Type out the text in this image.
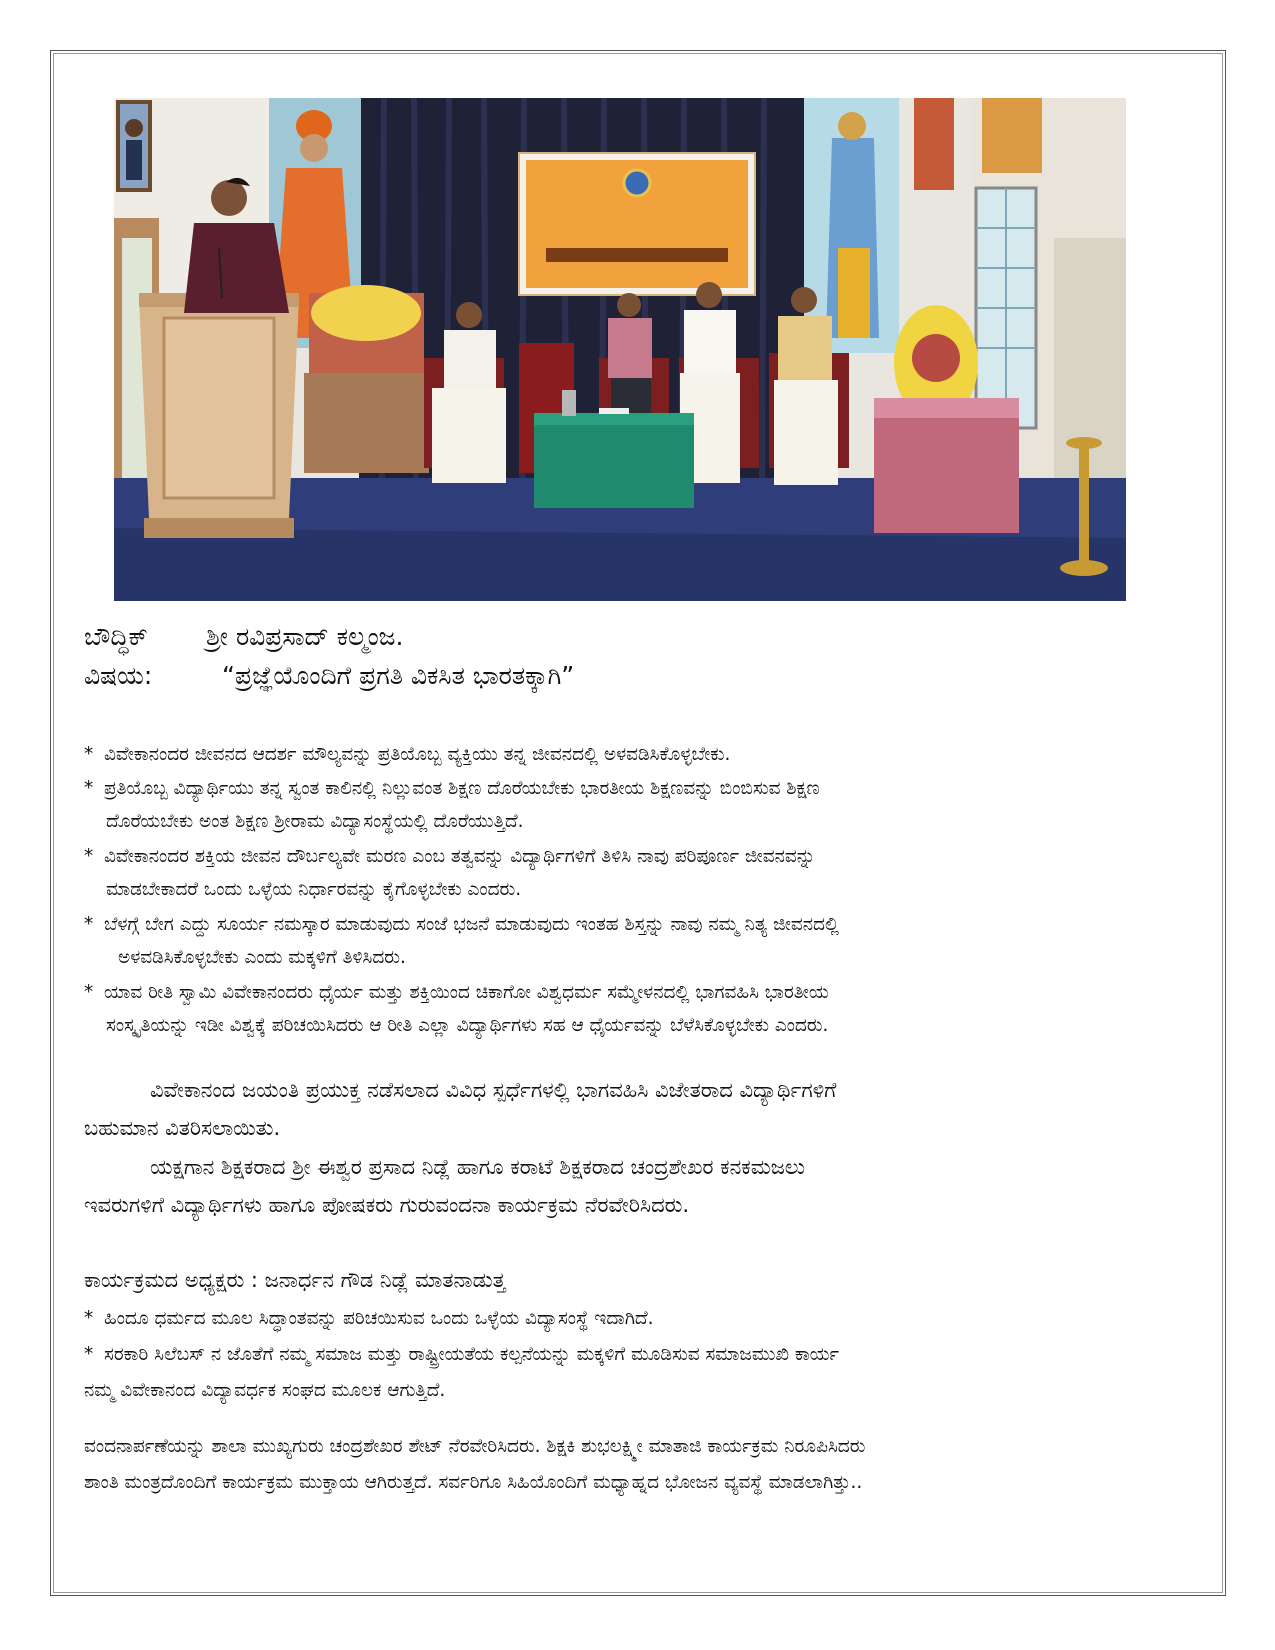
ಬೌದ್ಧಿಕ್ ಶ್ರೀ ರವಿಪ್ರಸಾದ್ ಕಲ್ಮಂಜ.
ವಿಷಯ:	“ಪ್ರಜ್ಞೆಯೊಂದಿಗೆ ಪ್ರಗತಿ ವಿಕಸಿತ ಭಾರತಕ್ಕಾಗಿ”
* ವಿವೇಕಾನಂದರ ಜೀವನದ ಆದರ್ಶ ಮೌಲ್ಯವನ್ನು ಪ್ರತಿಯೊಬ್ಬ ವ್ಯಕ್ತಿಯು ತನ್ನ ಜೀವನದಲ್ಲಿ ಅಳವಡಿಸಿಕೊಳ್ಳಬೇಕು.
* ಪ್ರತಿಯೊಬ್ಬ ವಿದ್ಯಾರ್ಥಿಯು ತನ್ನ ಸ್ವಂತ ಕಾಲಿನಲ್ಲಿ ನಿಲ್ಲುವಂತ ಶಿಕ್ಷಣ ದೊರೆಯಬೇಕು ಭಾರತೀಯ ಶಿಕ್ಷಣವನ್ನು ಬಿಂಬಿಸುವ ಶಿಕ್ಷಣ
ದೊರೆಯಬೇಕು ಅಂತ ಶಿಕ್ಷಣ ಶ್ರೀರಾಮ ವಿದ್ಯಾಸಂಸ್ಥೆಯಲ್ಲಿ ದೊರೆಯುತ್ತಿದೆ.
* ವಿವೇಕಾನಂದರ ಶಕ್ತಿಯ ಜೀವನ ದೌರ್ಬಲ್ಯವೇ ಮರಣ ಎಂಬ ತತ್ವವನ್ನು ವಿದ್ಯಾರ್ಥಿಗಳಿಗೆ ತಿಳಿಸಿ ನಾವು ಪರಿಪೂರ್ಣ ಜೀವನವನ್ನು
ಮಾಡಬೇಕಾದರೆ ಒಂದು ಒಳ್ಳೆಯ ನಿರ್ಧಾರವನ್ನು ಕೈಗೊಳ್ಳಬೇಕು ಎಂದರು.
* ಬೆಳಗ್ಗೆ ಬೇಗ ಎದ್ದು ಸೂರ್ಯ ನಮಸ್ಕಾರ ಮಾಡುವುದು ಸಂಜೆ ಭಜನೆ ಮಾಡುವುದು ಇಂತಹ ಶಿಸ್ತನ್ನು ನಾವು ನಮ್ಮ ನಿತ್ಯ ಜೀವನದಲ್ಲಿ
ಅಳವಡಿಸಿಕೊಳ್ಳಬೇಕು ಎಂದು ಮಕ್ಕಳಿಗೆ ತಿಳಿಸಿದರು.
* ಯಾವ ರೀತಿ ಸ್ವಾಮಿ ವಿವೇಕಾನಂದರು ಧೈರ್ಯ ಮತ್ತು ಶಕ್ತಿಯಿಂದ ಚಿಕಾಗೋ ವಿಶ್ವಧರ್ಮ ಸಮ್ಮೇಳನದಲ್ಲಿ ಭಾಗವಹಿಸಿ ಭಾರತೀಯ
ಸಂಸ್ಕೃತಿಯನ್ನು ಇಡೀ ವಿಶ್ವಕ್ಕೆ ಪರಿಚಯಿಸಿದರು ಆ ರೀತಿ ಎಲ್ಲಾ ವಿದ್ಯಾರ್ಥಿಗಳು ಸಹ ಆ ಧೈರ್ಯವನ್ನು ಬೆಳೆಸಿಕೊಳ್ಳಬೇಕು ಎಂದರು.
ವಿವೇಕಾನಂದ ಜಯಂತಿ ಪ್ರಯುಕ್ತ ನಡೆಸಲಾದ ವಿವಿಧ ಸ್ಪರ್ಧೆಗಳಲ್ಲಿ ಭಾಗವಹಿಸಿ ವಿಜೇತರಾದ ವಿದ್ಯಾರ್ಥಿಗಳಿಗೆ
ಬಹುಮಾನ ವಿತರಿಸಲಾಯಿತು.
ಯಕ್ಷಗಾನ ಶಿಕ್ಷಕರಾದ ಶ್ರೀ ಈಶ್ವರ ಪ್ರಸಾದ ನಿಡ್ಲೆ ಹಾಗೂ ಕರಾಟೆ ಶಿಕ್ಷಕರಾದ ಚಂದ್ರಶೇಖರ ಕನಕಮಜಲು
ಇವರುಗಳಿಗೆ ವಿದ್ಯಾರ್ಥಿಗಳು ಹಾಗೂ ಪೋಷಕರು ಗುರುವಂದನಾ ಕಾರ್ಯಕ್ರಮ ನೆರವೇರಿಸಿದರು.
ಕಾರ್ಯಕ್ರಮದ ಅಧ್ಯಕ್ಷರು : ಜನಾರ್ಧನ ಗೌಡ ನಿಡ್ಲೆ ಮಾತನಾಡುತ್ತ
* ಹಿಂದೂ ಧರ್ಮದ ಮೂಲ ಸಿದ್ಧಾಂತವನ್ನು ಪರಿಚಯಿಸುವ ಒಂದು ಒಳ್ಳೆಯ ವಿದ್ಯಾಸಂಸ್ಥೆ ಇದಾಗಿದೆ.
* ಸರಕಾರಿ ಸಿಲೆಬಸ್ ನ ಜೊತೆಗೆ ನಮ್ಮ ಸಮಾಜ ಮತ್ತು ರಾಷ್ಟ್ರೀಯತೆಯ ಕಲ್ಪನೆಯನ್ನು ಮಕ್ಕಳಿಗೆ ಮೂಡಿಸುವ ಸಮಾಜಮುಖಿ ಕಾರ್ಯ
ನಮ್ಮ ವಿವೇಕಾನಂದ ವಿದ್ಯಾವರ್ಧಕ ಸಂಘದ ಮೂಲಕ ಆಗುತ್ತಿದೆ.
ವಂದನಾರ್ಪಣೆಯನ್ನು ಶಾಲಾ ಮುಖ್ಯಗುರು ಚಂದ್ರಶೇಖರ ಶೇಟ್ ನೆರವೇರಿಸಿದರು. ಶಿಕ್ಷಕಿ ಶುಭಲಕ್ಷ್ಮೀ ಮಾತಾಜಿ ಕಾರ್ಯಕ್ರಮ ನಿರೂಪಿಸಿದರು
ಶಾಂತಿ ಮಂತ್ರದೊಂದಿಗೆ ಕಾರ್ಯಕ್ರಮ ಮುಕ್ತಾಯ ಆಗಿರುತ್ತದೆ. ಸರ್ವರಿಗೂ ಸಿಹಿಯೊಂದಿಗೆ ಮಧ್ಯಾಹ್ನದ ಭೋಜನ ವ್ಯವಸ್ಥೆ ಮಾಡಲಾಗಿತ್ತು..
